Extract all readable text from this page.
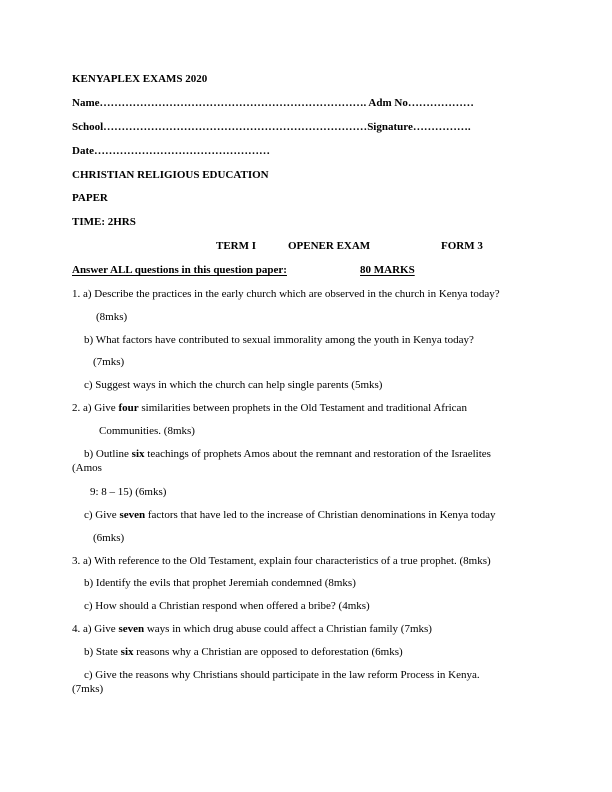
KENYAPLEX EXAMS 2020
Name………………………………………………………………. Adm No………………
School………………………………………………………………Signature…………….
Date…………………………………………
CHRISTIAN RELIGIOUS EDUCATION
PAPER
TIME: 2HRS
TERM I	OPENER EXAM	FORM 3
Answer ALL questions in this question paper:	80 MARKS
1. a) Describe the practices in the early church which are observed in the church in Kenya today?
(8mks)
b) What factors have contributed to sexual immorality among the youth in Kenya today?
(7mks)
c) Suggest ways in which the church can help single parents (5mks)
2. a) Give four similarities between prophets in the Old Testament and traditional African
Communities. (8mks)
b) Outline six teachings of prophets Amos about the remnant and restoration of the Israelites
(Amos
9: 8 – 15) (6mks)
c) Give seven factors that have led to the increase of Christian denominations in Kenya today
(6mks)
3. a) With reference to the Old Testament, explain four characteristics of a true prophet. (8mks)
b) Identify the evils that prophet Jeremiah condemned (8mks)
c) How should a Christian respond when offered a bribe? (4mks)
4. a) Give seven ways in which drug abuse could affect a Christian family (7mks)
b) State six reasons why a Christian are opposed to deforestation (6mks)
c) Give the reasons why Christians should participate in the law reform Process in Kenya.
(7mks)
